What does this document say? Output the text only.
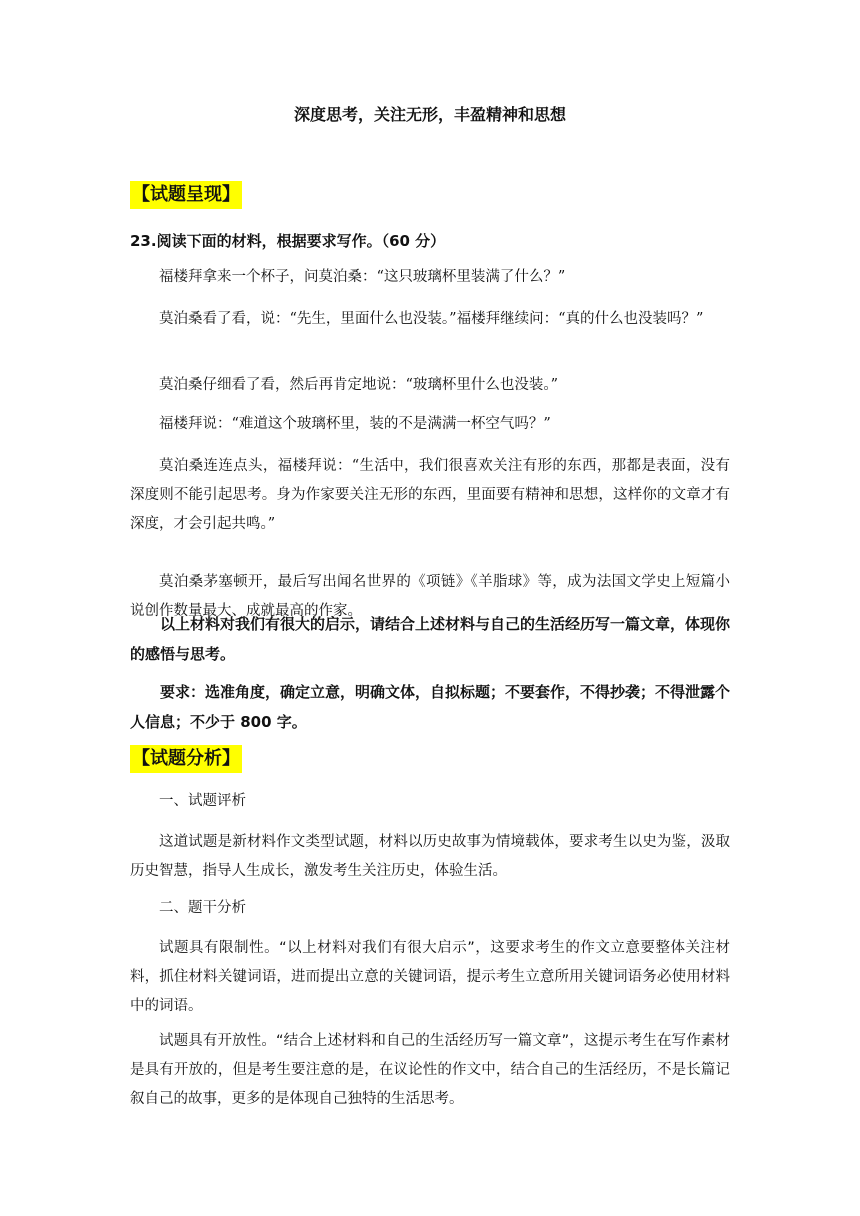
深度思考，关注无形，丰盈精神和思想
【试题呈现】
23.阅读下面的材料，根据要求写作。（60 分）
福楼拜拿来一个杯子，问莫泊桑：“这只玻璃杯里装满了什么？”
莫泊桑看了看，说：“先生，里面什么也没装。”福楼拜继续问：“真的什么也没装吗？”
莫泊桑仔细看了看，然后再肯定地说：“玻璃杯里什么也没装。”
福楼拜说：“难道这个玻璃杯里，装的不是满满一杯空气吗？”
莫泊桑连连点头，福楼拜说：“生活中，我们很喜欢关注有形的东西，那都是表面，没有深度则不能引起思考。身为作家要关注无形的东西，里面要有精神和思想，这样你的文章才有深度，才会引起共鸣。”
莫泊桑茅塞顿开，最后写出闻名世界的《项链》《羊脂球》等，成为法国文学史上短篇小说创作数量最大、成就最高的作家。
以上材料对我们有很大的启示，请结合上述材料与自己的生活经历写一篇文章，体现你的感悟与思考。
要求：选准角度，确定立意，明确文体，自拟标题；不要套作，不得抄袭；不得泄露个人信息；不少于 800 字。
【试题分析】
一、试题评析
这道试题是新材料作文类型试题，材料以历史故事为情境载体，要求考生以史为鉴，汲取历史智慧，指导人生成长，激发考生关注历史，体验生活。
二、题干分析
试题具有限制性。“以上材料对我们有很大启示”，这要求考生的作文立意要整体关注材料，抓住材料关键词语，进而提出立意的关键词语，提示考生立意所用关键词语务必使用材料中的词语。
试题具有开放性。“结合上述材料和自己的生活经历写一篇文章”，这提示考生在写作素材是具有开放的，但是考生要注意的是，在议论性的作文中，结合自己的生活经历，不是长篇记叙自己的故事，更多的是体现自己独特的生活思考。
